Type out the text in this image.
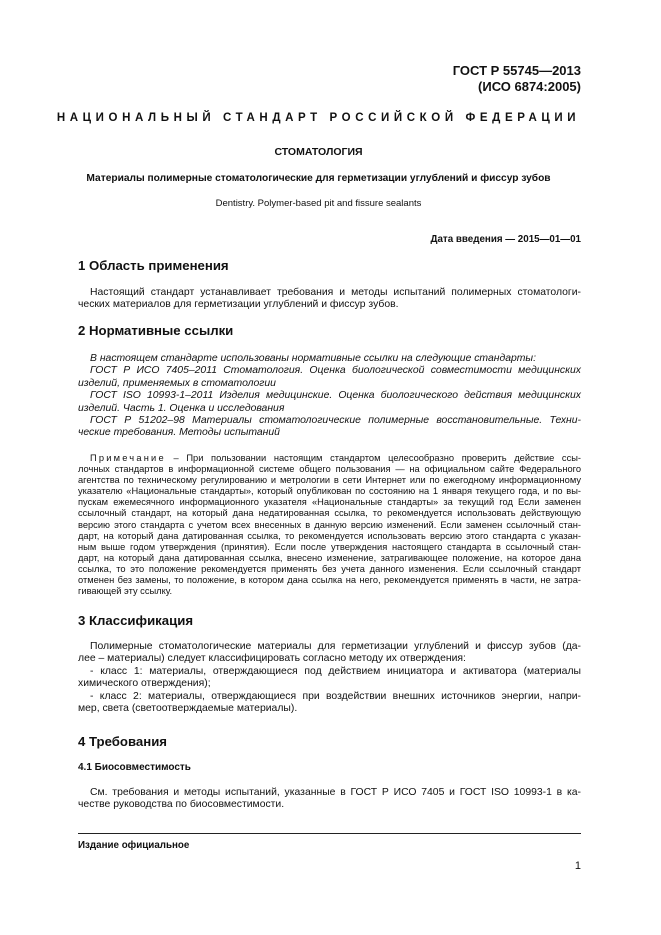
ГОСТ Р 55745—2013
(ИСО 6874:2005)
НАЦИОНАЛЬНЫЙ СТАНДАРТ РОССИЙСКОЙ ФЕДЕРАЦИИ
СТОМАТОЛОГИЯ
Материалы полимерные стоматологические для герметизации углублений и фиссур зубов
Dentistry. Polymer-based pit and fissure sealants
Дата введения — 2015—01—01
1 Область применения
Настоящий стандарт устанавливает требования и методы испытаний полимерных стоматологи-
ческих материалов для герметизации углублений и фиссур зубов.
2 Нормативные ссылки
В настоящем стандарте использованы нормативные ссылки на следующие стандарты:
ГОСТ Р ИСО 7405–2011 Стоматология. Оценка биологической совместимости медицинских
изделий, применяемых в стоматологии
ГОСТ ISO 10993-1–2011 Изделия медицинские. Оценка биологического действия медицинских
изделий. Часть 1. Оценка и исследования
ГОСТ Р 51202–98 Материалы стоматологические полимерные восстановительные. Техни-
ческие требования. Методы испытаний
Примечание – При пользовании настоящим стандартом целесообразно проверить действие ссы-
лочных стандартов в информационной системе общего пользования — на официальном сайте Федерального
агентства по техническому регулированию и метрологии в сети Интернет или по ежегодному информационному
указателю «Национальные стандарты», который опубликован по состоянию на 1 января текущего года, и по вы-
пускам ежемесячного информационного указателя «Национальные стандарты» за текущий год Если заменен
ссылочный стандарт, на который дана недатированная ссылка, то рекомендуется использовать действующую
версию этого стандарта с учетом всех внесенных в данную версию изменений. Если заменен ссылочный стан-
дарт, на который дана датированная ссылка, то рекомендуется использовать версию этого стандарта с указан-
ным выше годом утверждения (принятия). Если после утверждения настоящего стандарта в ссылочный стан-
дарт, на который дана датированная ссылка, внесено изменение, затрагивающее положение, на которое дана
ссылка, то это положение рекомендуется применять без учета данного изменения. Если ссылочный стандарт
отменен без замены, то положение, в котором дана ссылка на него, рекомендуется применять в части, не затра-
гивающей эту ссылку.
3 Классификация
Полимерные стоматологические материалы для герметизации углублений и фиссур зубов (да-
лее – материалы) следует классифицировать согласно методу их отверждения:
- класс 1: материалы, отверждающиеся под действием инициатора и активатора (материалы
химического отверждения);
- класс 2: материалы, отверждающиеся при воздействии внешних источников энергии, напри-
мер, света (светоотверждаемые материалы).
4 Требования
4.1 Биосовместимость
См. требования и методы испытаний, указанные в ГОСТ Р ИСО 7405 и ГОСТ ISO 10993-1 в ка-
честве руководства по биосовместимости.
Издание официальное
1
